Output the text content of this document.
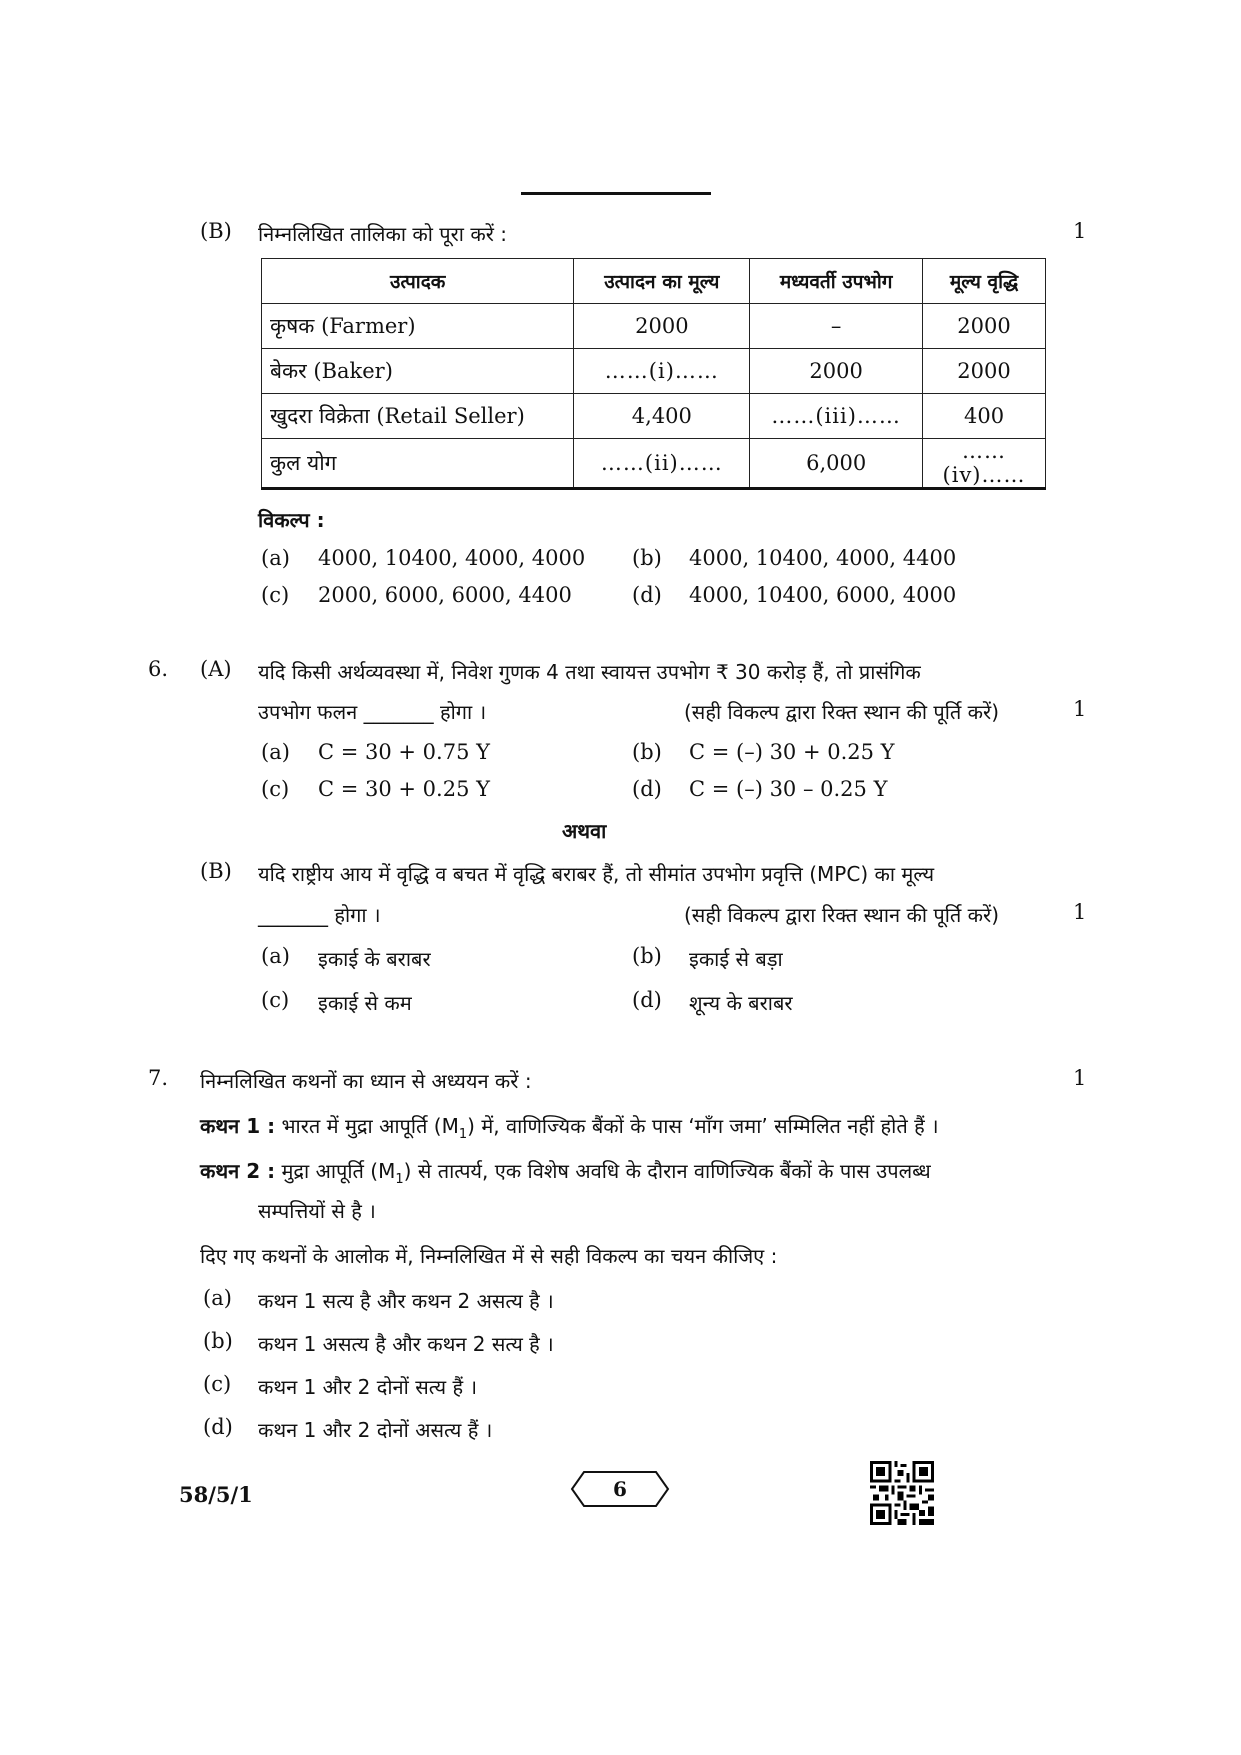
(B) निम्नलिखित तालिका को पूरा करें :	1
उत्पादक	उत्पादन का मूल्य	मध्यवर्ती उपभोग	मूल्य वृद्धि
कृषक (Farmer)	2000	–	2000
बेकर (Baker)	……(i)……	2000	2000
खुदरा विक्रेता (Retail Seller)	4,400	……(iii)……	400
कुल योग	……(ii)……	6,000	……(iv)……
विकल्प :
(a) 4000, 10400, 4000, 4000 (b) 4000, 10400, 4000, 4400
(c) 2000, 6000, 6000, 4400	(d) 4000, 10400, 6000, 4000
6. (A) यदि किसी अर्थव्यवस्था में, निवेश गुणक 4 तथा स्वायत्त उपभोग ₹ 30 करोड़ हैं, तो प्रासंगिक
उपभोग फलन _______ होगा ।	(सही विकल्प द्वारा रिक्त स्थान की पूर्ति करें)	1
(a) C = 30 + 0.75 Y	(b) C = (–) 30 + 0.25 Y
(c) C = 30 + 0.25 Y	(d) C = (–) 30 – 0.25 Y
अथवा
(B) यदि राष्ट्रीय आय में वृद्धि व बचत में वृद्धि बराबर हैं, तो सीमांत उपभोग प्रवृत्ति (MPC) का मूल्य
_______ होगा ।	(सही विकल्प द्वारा रिक्त स्थान की पूर्ति करें)	1
(a) इकाई के बराबर	(b) इकाई से बड़ा
(c) इकाई से कम	(d) शून्य के बराबर
7. निम्नलिखित कथनों का ध्यान से अध्ययन करें :	1
कथन 1 : भारत में मुद्रा आपूर्ति $(M_1)$ में, वाणिज्यिक बैंकों के पास ‘माँग जमा’ सम्मिलित नहीं होते हैं ।
कथन 2 : मुद्रा आपूर्ति $(M_1)$ से तात्पर्य, एक विशेष अवधि के दौरान वाणिज्यिक बैंकों के पास उपलब्ध
सम्पत्तियों से है ।
दिए गए कथनों के आलोक में, निम्नलिखित में से सही विकल्प का चयन कीजिए :
(a) कथन 1 सत्य है और कथन 2 असत्य है ।
(b) कथन 1 असत्य है और कथन 2 सत्य है ।
(c) कथन 1 और 2 दोनों सत्य हैं ।
(d) कथन 1 और 2 दोनों असत्य हैं ।
58/5/1	6
